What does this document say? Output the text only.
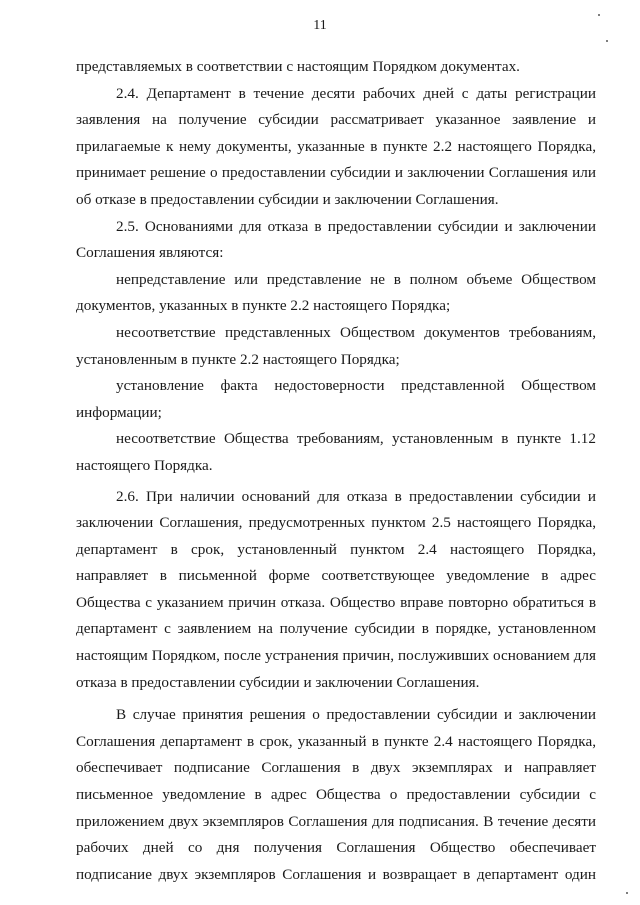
11
представляемых в соответствии с настоящим Порядком документах.
2.4. Департамент в течение десяти рабочих дней с даты регистрации
заявления на получение субсидии рассматривает указанное заявление и
прилагаемые к нему документы, указанные в пункте 2.2 настоящего Порядка,
принимает решение о предоставлении субсидии и заключении Соглашения или
об отказе в предоставлении субсидии и заключении Соглашения.
2.5. Основаниями для отказа в предоставлении субсидии и заключении
Соглашения являются:
непредставление или представление не в полном объеме Обществом
документов, указанных в пункте 2.2 настоящего Порядка;
несоответствие представленных Обществом документов требованиям,
установленным в пункте 2.2 настоящего Порядка;
установление факта недостоверности представленной Обществом
информации;
несоответствие Общества требованиям, установленным в пункте 1.12
настоящего Порядка.
2.6. При наличии оснований для отказа в предоставлении субсидии и
заключении Соглашения, предусмотренных пунктом 2.5 настоящего Порядка,
департамент в срок, установленный пунктом 2.4 настоящего Порядка,
направляет в письменной форме соответствующее уведомление в адрес
Общества с указанием причин отказа. Общество вправе повторно обратиться в
департамент с заявлением на получение субсидии в порядке, установленном
настоящим Порядком, после устранения причин, послуживших основанием для
отказа в предоставлении субсидии и заключении Соглашения.
В случае принятия решения о предоставлении субсидии и заключении
Соглашения департамент в срок, указанный в пункте 2.4 настоящего Порядка,
обеспечивает подписание Соглашения в двух экземплярах и направляет
письменное уведомление в адрес Общества о предоставлении субсидии с
приложением двух экземпляров Соглашения для подписания. В течение десяти
рабочих дней со дня получения Соглашения Общество обеспечивает
подписание двух экземпляров Соглашения и возвращает в департамент один
